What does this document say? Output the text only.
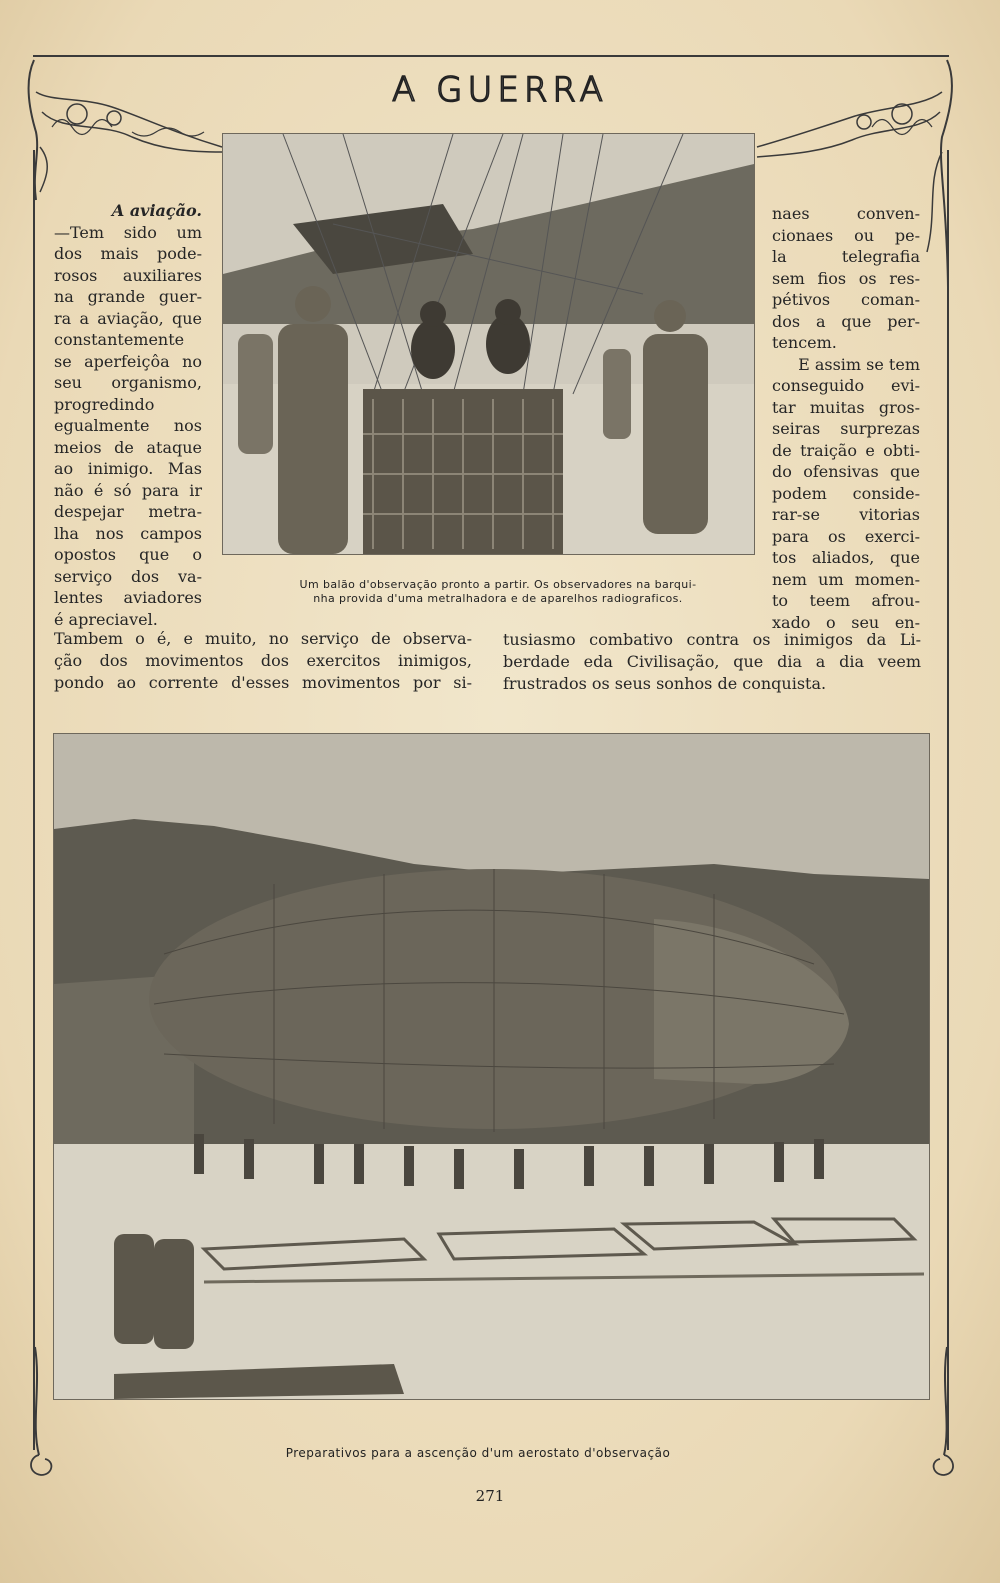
A GUERRA
Um balão d'observação pronto a partir. Os observadores na barqui-
nha provida d'uma metralhadora e de aparelhos radiograficos.
A aviação.
—Tem sido um
dos mais pode-
rosos auxiliares
na grande guer-
ra a aviação, que
constantemente
se aperfeiçôa no
seu organismo,
progredindo
egualmente nos
meios de ataque
ao inimigo. Mas
não é só para ir
despejar metra-
lha nos campos
opostos que o
serviço dos va-
lentes aviadores
é apreciavel.
naes conven-
cionaes ou pe-
la telegrafia
sem fios os res-
pétivos coman-
dos a que per-
tencem.
E assim se tem
conseguido evi-
tar muitas gros-
seiras surprezas
de traição e obti-
do ofensivas que
podem conside-
rar-se vitorias
para os exerci-
tos aliados, que
nem um momen-
to teem afrou-
xado o seu en-
Tambem o é, e muito, no serviço de observa-
ção dos movimentos dos exercitos inimigos,
pondo ao corrente d'esses movimentos por si-
tusiasmo combativo contra os inimigos da Li-
berdade eda Civilisação, que dia a dia veem
frustrados os seus sonhos de conquista.
Preparativos para a ascenção d'um aerostato d'observação
271
